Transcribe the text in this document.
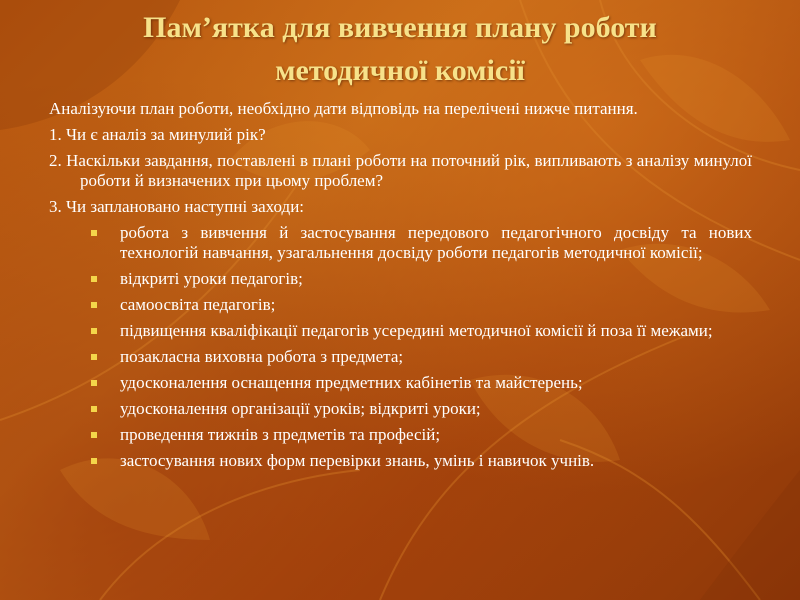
Пам’ятка для вивчення плану роботи
методичної комісії

Аналізуючи план роботи, необхідно дати відповідь на перелічені нижче питання.

1. Чи є аналіз за минулий рік?

2. Наскільки завдання, поставлені в плані роботи на поточний рік, випливають з аналізу минулої роботи й визначених при цьому проблем?

3. Чи заплановано наступні заходи:

робота з вивчення й застосування передового педагогічного досвіду та нових технологій навчання, узагальнення досвіду роботи педагогів методичної комісії;
відкриті уроки педагогів;
самоосвіта педагогів;
підвищення кваліфікації педагогів усередині методичної комісії й поза її межами;
позакласна виховна робота з предмета;
удосконалення оснащення предметних кабінетів та майстерень;
удосконалення організації уроків; відкриті уроки;
проведення тижнів з предметів та професій;
застосування нових форм перевірки знань, умінь і навичок учнів.
